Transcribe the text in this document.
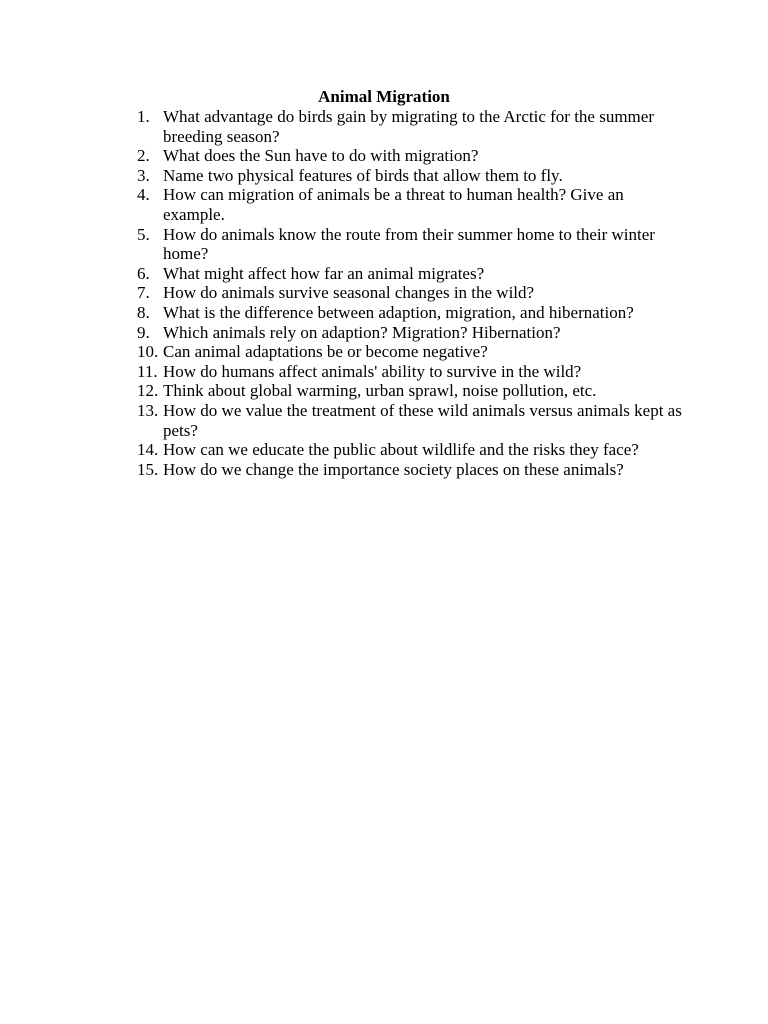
Animal Migration
1. What advantage do birds gain by migrating to the Arctic for the summer breeding season?
2. What does the Sun have to do with migration?
3. Name two physical features of birds that allow them to fly.
4. How can migration of animals be a threat to human health? Give an example.
5. How do animals know the route from their summer home to their winter home?
6. What might affect how far an animal migrates?
7. How do animals survive seasonal changes in the wild?
8. What is the difference between adaption, migration, and hibernation?
9. Which animals rely on adaption? Migration? Hibernation?
10. Can animal adaptations be or become negative?
11. How do humans affect animals' ability to survive in the wild?
12. Think about global warming, urban sprawl, noise pollution, etc.
13. How do we value the treatment of these wild animals versus animals kept as pets?
14. How can we educate the public about wildlife and the risks they face?
15. How do we change the importance society places on these animals?
